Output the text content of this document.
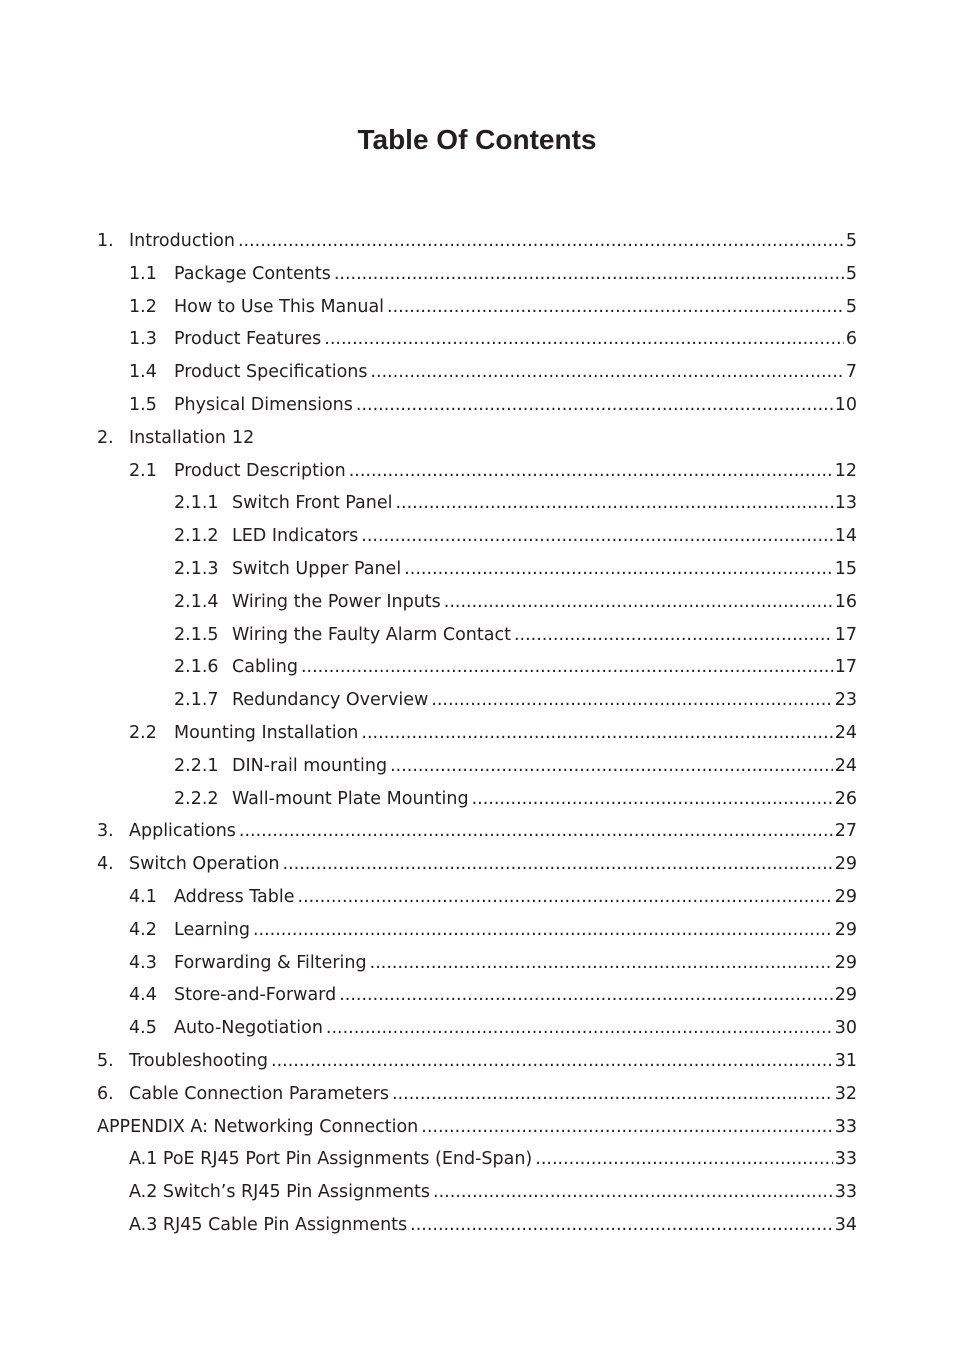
Table Of Contents
1. Introduction .....	5
1.1 Package Contents .....	5
1.2 How to Use This Manual .....	5
1.3 Product Features .....	6
1.4 Product Specifications .....	7
1.5 Physical Dimensions .....	10
2. Installation 12
2.1 Product Description .....	12
2.1.1 Switch Front Panel .....	13
2.1.2 LED Indicators .....	14
2.1.3 Switch Upper Panel .....	15
2.1.4 Wiring the Power Inputs .....	16
2.1.5 Wiring the Faulty Alarm Contact .....	17
2.1.6 Cabling .....	17
2.1.7 Redundancy Overview .....	23
2.2 Mounting Installation .....	24
2.2.1 DIN-rail mounting .....	24
2.2.2 Wall-mount Plate Mounting .....	26
3. Applications .....	27
4. Switch Operation .....	29
4.1 Address Table .....	29
4.2 Learning .....	29
4.3 Forwarding & Filtering .....	29
4.4 Store-and-Forward .....	29
4.5 Auto-Negotiation .....	30
5. Troubleshooting .....	31
6. Cable Connection Parameters .....	32
APPENDIX A: Networking Connection .....	33
A.1 PoE RJ45 Port Pin Assignments (End-Span) .....	33
A.2 Switch’s RJ45 Pin Assignments .....	33
A.3 RJ45 Cable Pin Assignments .....	34
